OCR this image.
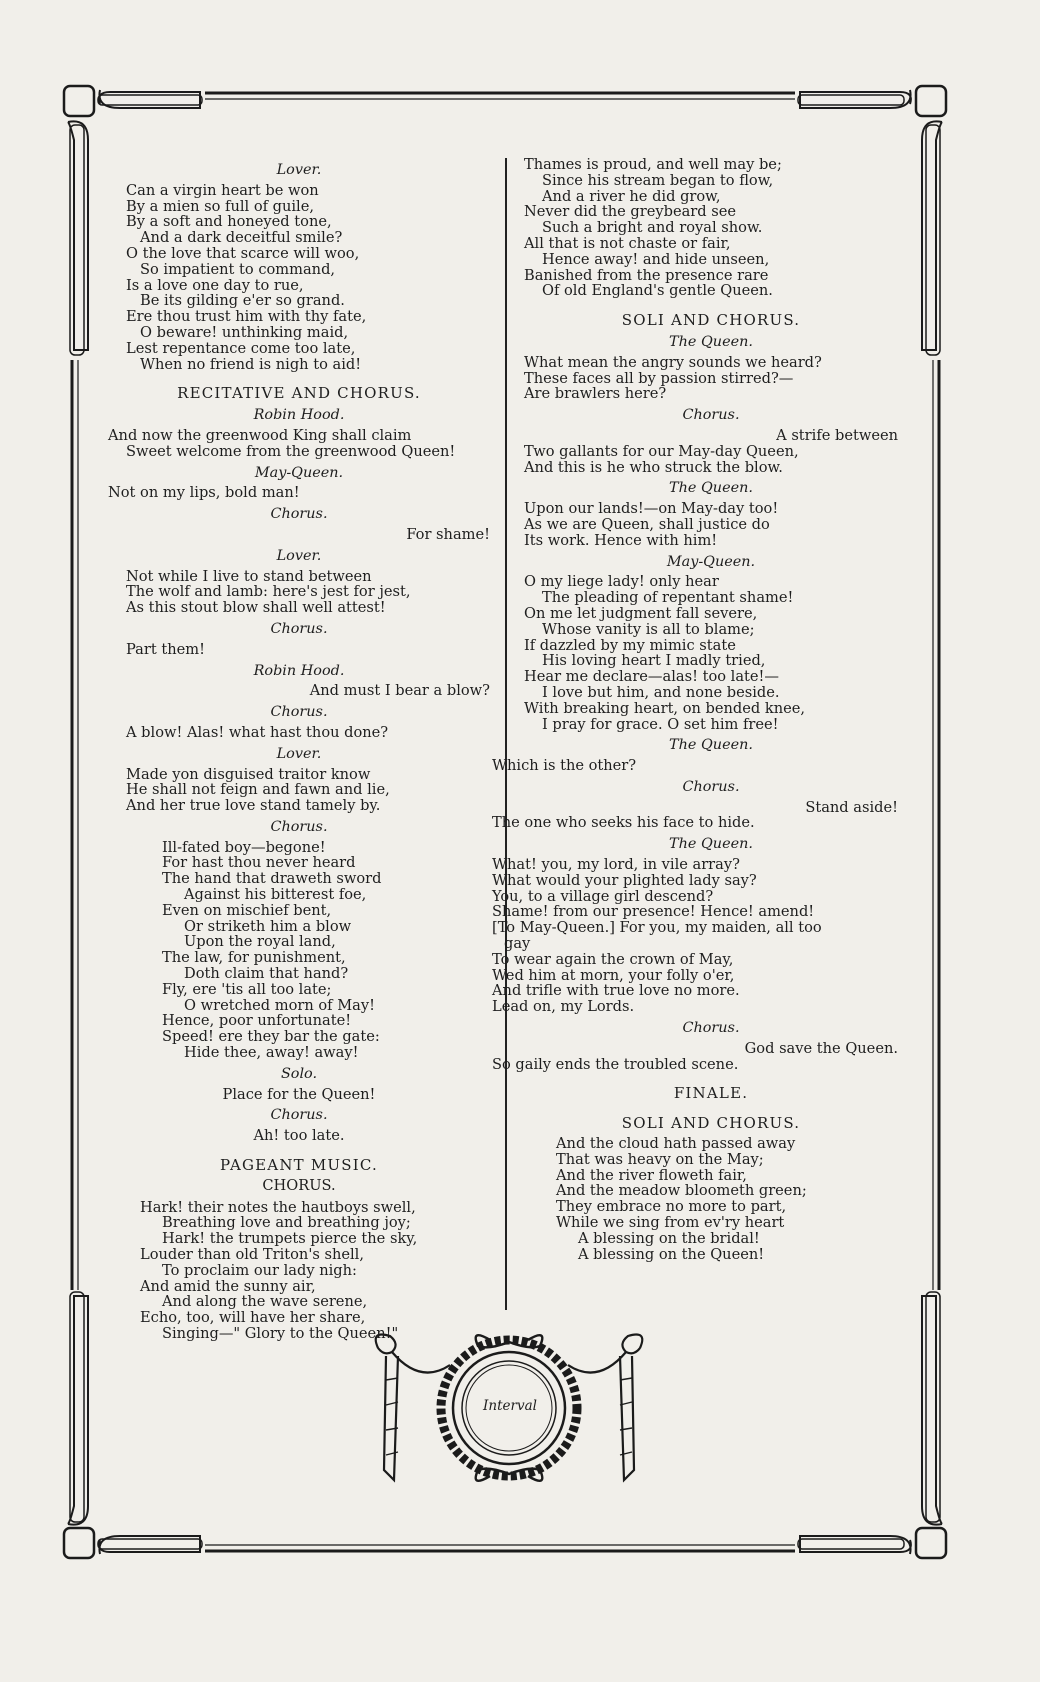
Lover.
Can a virgin heart be won
By a mien so full of guile,
By a soft and honeyed tone,
And a dark deceitful smile?
O the love that scarce will woo,
So impatient to command,
Is a love one day to rue,
Be its gilding e'er so grand.
Ere thou trust him with thy fate,
O beware! unthinking maid,
Lest repentance come too late,
When no friend is nigh to aid!
RECITATIVE AND CHORUS.
Robin Hood.
And now the greenwood King shall claim
Sweet welcome from the greenwood Queen!
May-Queen.
Not on my lips, bold man!
Chorus.
For shame!
Lover.
Not while I live to stand between
The wolf and lamb: here's jest for jest,
As this stout blow shall well attest!
Chorus.
Part them!
Robin Hood.
And must I bear a blow?
Chorus.
A blow! Alas! what hast thou done?
Lover.
Made yon disguised traitor know
He shall not feign and fawn and lie,
And her true love stand tamely by.
Chorus.
Ill-fated boy—begone!
For hast thou never heard
The hand that draweth sword
Against his bitterest foe,
Even on mischief bent,
Or striketh him a blow
Upon the royal land,
The law, for punishment,
Doth claim that hand?
Fly, ere 'tis all too late;
O wretched morn of May!
Hence, poor unfortunate!
Speed! ere they bar the gate:
Hide thee, away! away!
Solo.
Place for the Queen!
Chorus.
Ah! too late.
PAGEANT MUSIC.
CHORUS.
Hark! their notes the hautboys swell,
Breathing love and breathing joy;
Hark! the trumpets pierce the sky,
Louder than old Triton's shell,
To proclaim our lady nigh:
And amid the sunny air,
And along the wave serene,
Echo, too, will have her share,
Singing—" Glory to the Queen!"
Thames is proud, and well may be;
Since his stream began to flow,
And a river he did grow,
Never did the greybeard see
Such a bright and royal show.
All that is not chaste or fair,
Hence away! and hide unseen,
Banished from the presence rare
Of old England's gentle Queen.
SOLI AND CHORUS.
The Queen.
What mean the angry sounds we heard?
These faces all by passion stirred?—
Are brawlers here?
Chorus.
A strife between
Two gallants for our May-day Queen,
And this is he who struck the blow.
The Queen.
Upon our lands!—on May-day too!
As we are Queen, shall justice do
Its work. Hence with him!
May-Queen.
O my liege lady! only hear
The pleading of repentant shame!
On me let judgment fall severe,
Whose vanity is all to blame;
If dazzled by my mimic state
His loving heart I madly tried,
Hear me declare—alas! too late!—
I love but him, and none beside.
With breaking heart, on bended knee,
I pray for grace. O set him free!
The Queen.
Which is the other?
Chorus.
Stand aside!
The one who seeks his face to hide.
The Queen.
What! you, my lord, in vile array?
What would your plighted lady say?
You, to a village girl descend?
Shame! from our presence! Hence! amend!
[To May-Queen.] For you, my maiden, all too
gay
To wear again the crown of May,
Wed him at morn, your folly o'er,
And trifle with true love no more.
Lead on, my Lords.
Chorus.
God save the Queen.
So gaily ends the troubled scene.
FINALE.
SOLI AND CHORUS.
And the cloud hath passed away
That was heavy on the May;
And the river floweth fair,
And the meadow bloometh green;
They embrace no more to part,
While we sing from ev'ry heart
A blessing on the bridal!
A blessing on the Queen!
Interval
